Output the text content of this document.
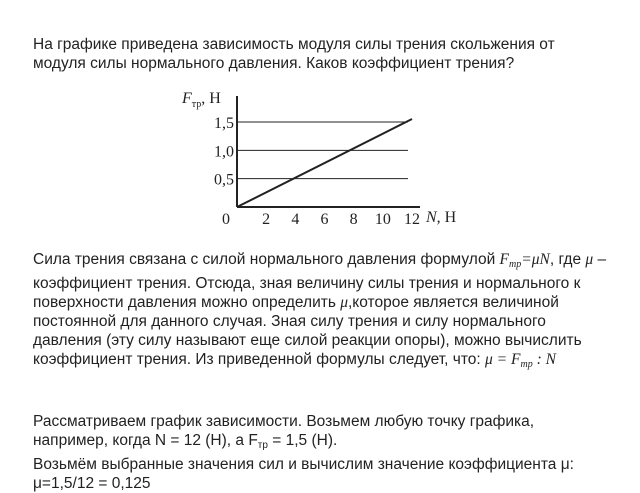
На графике приведена зависимость модуля силы трения скольжения от модуля силы нормального давления. Каков коэффициент трения?

0,5
1,0
1,5
0 2 4 6 8 10 12
$F_{тр}$, Н
N, Н

Сила трения связана с силой нормального давления формулой $F_{тр}=\mu N$, где μ – коэффициент трения. Отсюда, зная величину силы трения и нормального к поверхности давления можно определить μ,которое является величиной постоянной для данного случая. Зная силу трения и силу нормального давления (эту силу называют еще силой реакции опоры), можно вычислить коэффициент трения. Из приведенной формулы следует, что: $\mu = F_{тр}$ : N

Рассматриваем график зависимости. Возьмем любую точку графика, например, когда N = 12 (Н), а $F_{тр} = 1,5$ (Н).

Возьмём выбранные значения сил и вычислим значение коэффициента μ: μ=1,5/12 = 0,125
